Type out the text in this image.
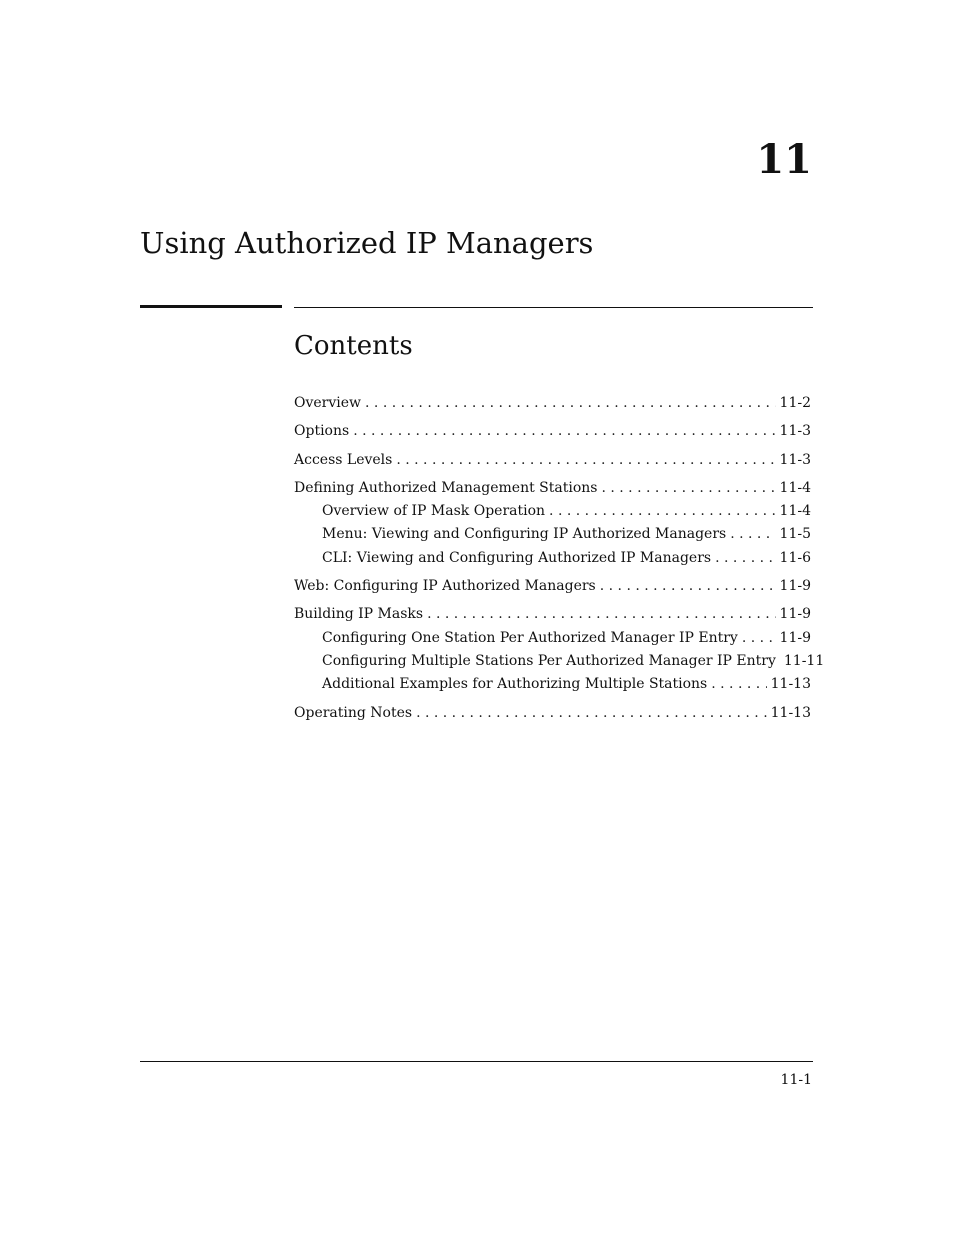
11
Using Authorized IP Managers
Contents
Overview . . .	11-2
Options . . .	11-3
Access Levels . . .	11-3
Defining Authorized Management Stations . . .	11-4
Overview of IP Mask Operation . . .	11-4
Menu: Viewing and Configuring IP Authorized Managers . . .	11-5
CLI: Viewing and Configuring Authorized IP Managers . . .	11-6
Web: Configuring IP Authorized Managers . . .	11-9
Building IP Masks . . .	11-9
Configuring One Station Per Authorized Manager IP Entry . . .	11-9
Configuring Multiple Stations Per Authorized Manager IP Entry 11-11
Additional Examples for Authorizing Multiple Stations . . .	11-13
Operating Notes . . .	11-13
11-1
